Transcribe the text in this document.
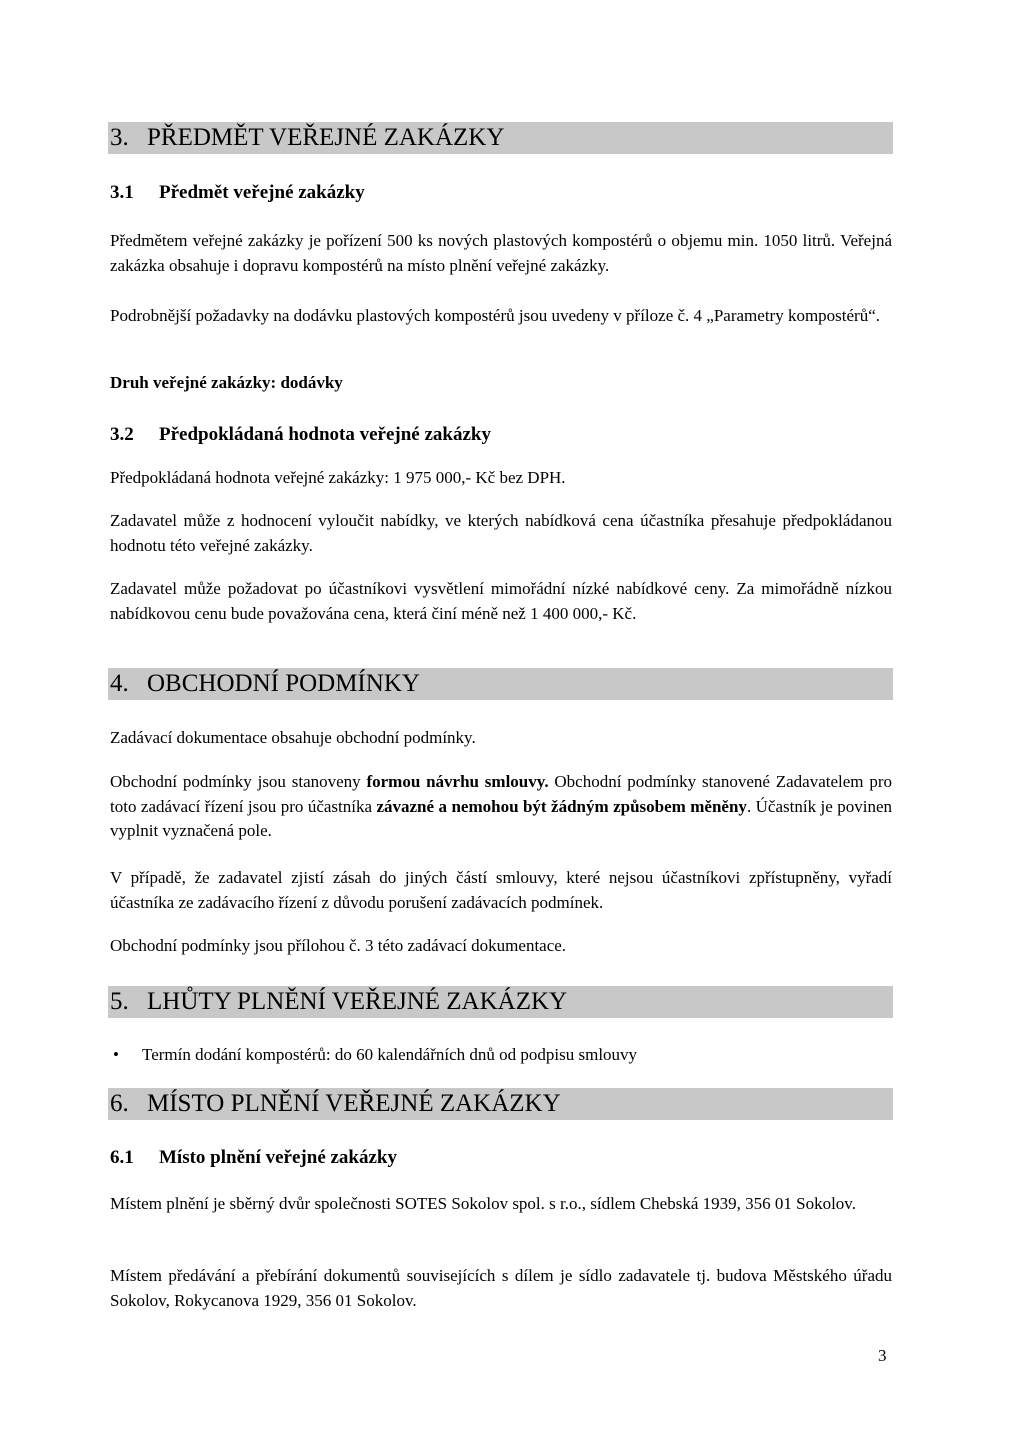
3. PŘEDMĚT VEŘEJNÉ ZAKÁZKY
3.1 Předmět veřejné zakázky

Předmětem veřejné zakázky je pořízení 500 ks nových plastových kompostérů o objemu min. 1050 litrů. Veřejná zakázka obsahuje i dopravu kompostérů na místo plnění veřejné zakázky.

Podrobnější požadavky na dodávku plastových kompostérů jsou uvedeny v příloze č. 4 „Parametry kompostérů“.

Druh veřejné zakázky: dodávky

3.2 Předpokládaná hodnota veřejné zakázky

Předpokládaná hodnota veřejné zakázky: 1 975 000,- Kč bez DPH.

Zadavatel může z hodnocení vyloučit nabídky, ve kterých nabídková cena účastníka přesahuje předpokládanou hodnotu této veřejné zakázky.

Zadavatel může požadovat po účastníkovi vysvětlení mimořádní nízké nabídkové ceny. Za mimořádně nízkou nabídkovou cenu bude považována cena, která činí méně než 1 400 000,- Kč.

4. OBCHODNÍ PODMÍNKY

Zadávací dokumentace obsahuje obchodní podmínky.

Obchodní podmínky jsou stanoveny formou návrhu smlouvy. Obchodní podmínky stanovené Zadavatelem pro toto zadávací řízení jsou pro účastníka závazné a nemohou být žádným způsobem měněny. Účastník je povinen vyplnit vyznačená pole.

V případě, že zadavatel zjistí zásah do jiných částí smlouvy, které nejsou účastníkovi zpřístupněny, vyřadí účastníka ze zadávacího řízení z důvodu porušení zadávacích podmínek.

Obchodní podmínky jsou přílohou č. 3 této zadávací dokumentace.

5. LHŮTY PLNĚNÍ VEŘEJNÉ ZAKÁZKY
• Termín dodání kompostérů: do 60 kalendářních dnů od podpisu smlouvy
6. MÍSTO PLNĚNÍ VEŘEJNÉ ZAKÁZKY
6.1 Místo plnění veřejné zakázky

Místem plnění je sběrný dvůr společnosti SOTES Sokolov spol. s r.o., sídlem Chebská 1939, 356 01 Sokolov.

Místem předávání a přebírání dokumentů souvisejících s dílem je sídlo zadavatele tj. budova Městského úřadu Sokolov, Rokycanova 1929, 356 01 Sokolov.

3
